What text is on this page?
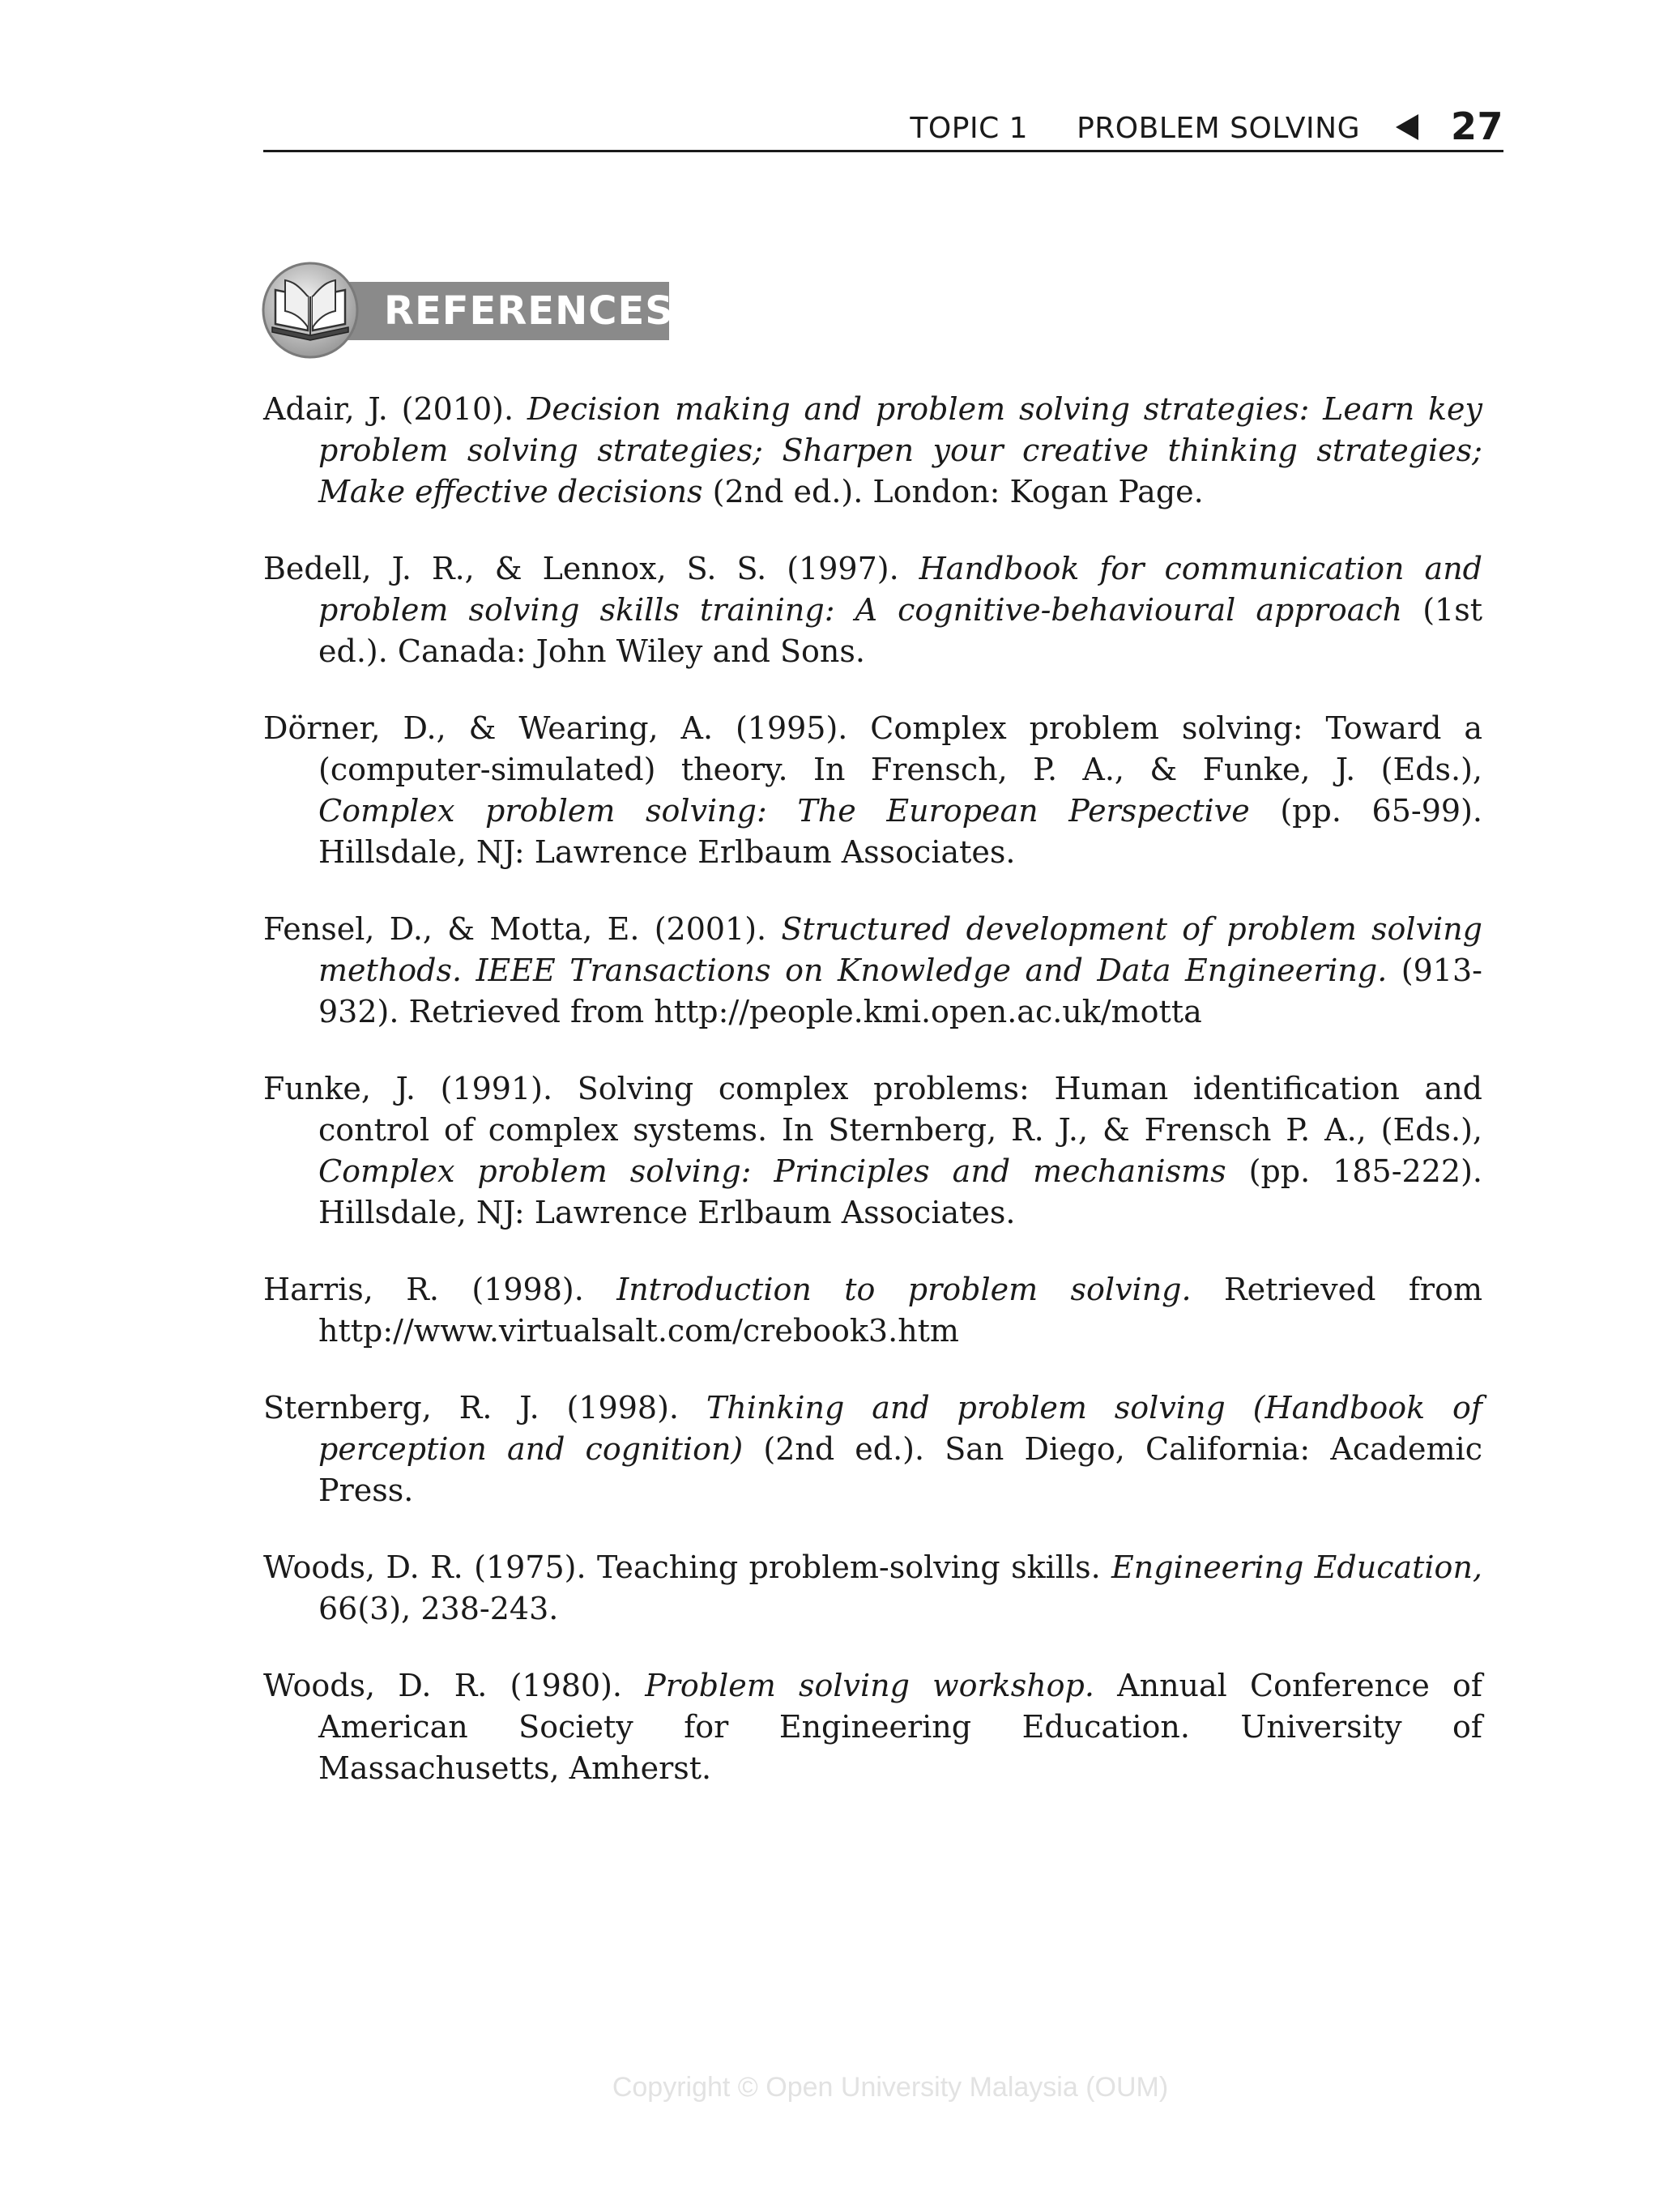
TOPIC 1 PROBLEM SOLVING 27
REFERENCES

Adair, J. (2010). Decision making and problem solving strategies: Learn key problem solving strategies; Sharpen your creative thinking strategies; Make effective decisions (2nd ed.). London: Kogan Page.

Bedell, J. R., & Lennox, S. S. (1997). Handbook for communication and problem solving skills training: A cognitive-behavioural approach (1st ed.). Canada: John Wiley and Sons.

Dörner, D., & Wearing, A. (1995). Complex problem solving: Toward a (computer-simulated) theory. In Frensch, P. A., & Funke, J. (Eds.), Complex problem solving: The European Perspective (pp. 65-99). Hillsdale, NJ: Lawrence Erlbaum Associates.

Fensel, D., & Motta, E. (2001). Structured development of problem solving methods. IEEE Transactions on Knowledge and Data Engineering. (913-932). Retrieved from http://people.kmi.open.ac.uk/motta

Funke, J. (1991). Solving complex problems: Human identification and control of complex systems. In Sternberg, R. J., & Frensch P. A., (Eds.), Complex problem solving: Principles and mechanisms (pp. 185-222). Hillsdale, NJ: Lawrence Erlbaum Associates.

Harris, R. (1998). Introduction to problem solving. Retrieved from http://www.virtualsalt.com/crebook3.htm

Sternberg, R. J. (1998). Thinking and problem solving (Handbook of perception and cognition) (2nd ed.). San Diego, California: Academic Press.

Woods, D. R. (1975). Teaching problem-solving skills. Engineering Education, 66(3), 238-243.

Woods, D. R. (1980). Problem solving workshop. Annual Conference of American Society for Engineering Education. University of Massachusetts, Amherst.

Copyright © Open University Malaysia (OUM)
